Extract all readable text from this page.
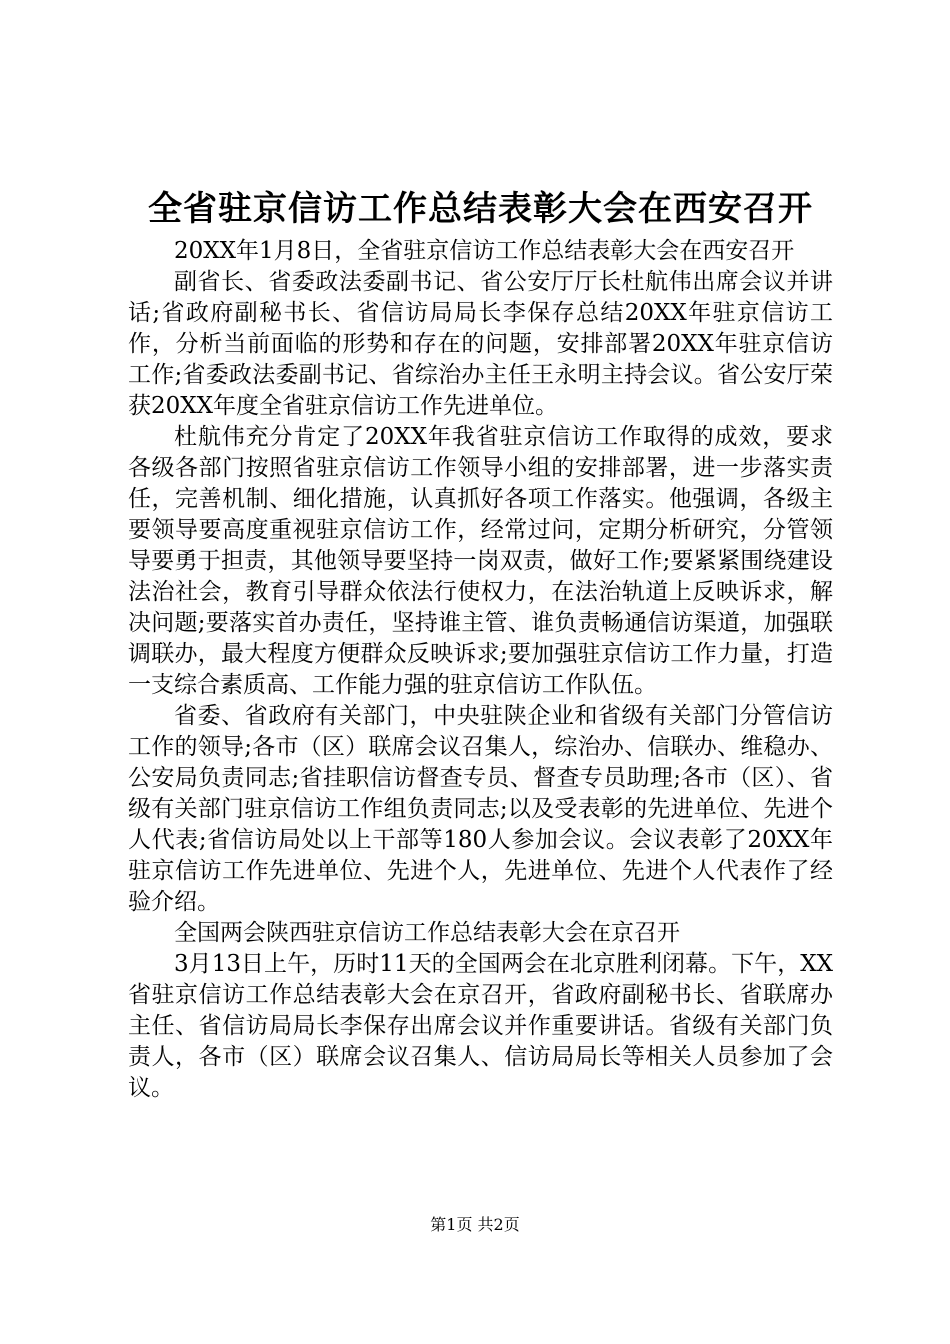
全省驻京信访工作总结表彰大会在西安召开

20XX年1月8日，全省驻京信访工作总结表彰大会在西安召开

副省长、省委政法委副书记、省公安厅厅长杜航伟出席会议并讲话;省政府副秘书长、省信访局局长李保存总结20XX年驻京信访工作，分析当前面临的形势和存在的问题，安排部署20XX年驻京信访工作;省委政法委副书记、省综治办主任王永明主持会议。省公安厅荣获20XX年度全省驻京信访工作先进单位。

杜航伟充分肯定了20XX年我省驻京信访工作取得的成效，要求各级各部门按照省驻京信访工作领导小组的安排部署，进一步落实责任，完善机制、细化措施，认真抓好各项工作落实。他强调，各级主要领导要高度重视驻京信访工作，经常过问，定期分析研究，分管领导要勇于担责，其他领导要坚持一岗双责，做好工作;要紧紧围绕建设法治社会，教育引导群众依法行使权力，在法治轨道上反映诉求，解决问题;要落实首办责任，坚持谁主管、谁负责畅通信访渠道，加强联调联办，最大程度方便群众反映诉求;要加强驻京信访工作力量，打造一支综合素质高、工作能力强的驻京信访工作队伍。

省委、省政府有关部门，中央驻陕企业和省级有关部门分管信访工作的领导;各市（区）联席会议召集人，综治办、信联办、维稳办、公安局负责同志;省挂职信访督查专员、督查专员助理;各市（区）、省级有关部门驻京信访工作组负责同志;以及受表彰的先进单位、先进个人代表;省信访局处以上干部等180人参加会议。会议表彰了20XX年驻京信访工作先进单位、先进个人，先进单位、先进个人代表作了经验介绍。

全国两会陕西驻京信访工作总结表彰大会在京召开

3月13日上午，历时11天的全国两会在北京胜利闭幕。下午，XX省驻京信访工作总结表彰大会在京召开，省政府副秘书长、省联席办主任、省信访局局长李保存出席会议并作重要讲话。省级有关部门负责人，各市（区）联席会议召集人、信访局局长等相关人员参加了会议。

第1页 共2页
